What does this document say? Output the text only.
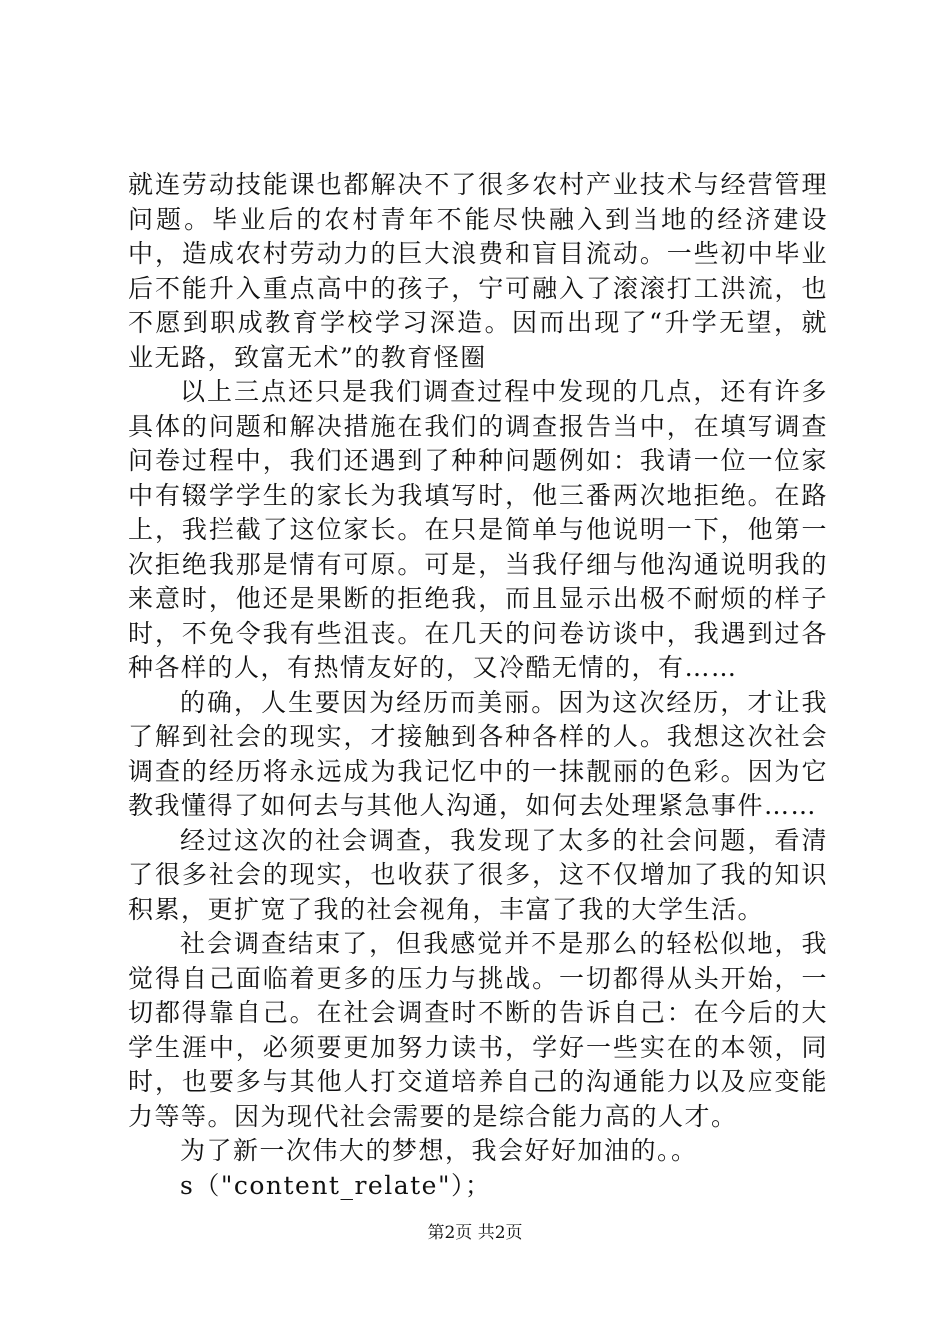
就连劳动技能课也都解决不了很多农村产业技术与经营管理问题。毕业后的农村青年不能尽快融入到当地的经济建设中，造成农村劳动力的巨大浪费和盲目流动。一些初中毕业后不能升入重点高中的孩子，宁可融入了滚滚打工洪流，也不愿到职成教育学校学习深造。因而出现了“升学无望，就业无路，致富无术”的教育怪圈

以上三点还只是我们调查过程中发现的几点，还有许多具体的问题和解决措施在我们的调查报告当中，在填写调查问卷过程中，我们还遇到了种种问题例如：我请一位一位家中有辍学学生的家长为我填写时，他三番两次地拒绝。在路上，我拦截了这位家长。在只是简单与他说明一下，他第一次拒绝我那是情有可原。可是，当我仔细与他沟通说明我的来意时，他还是果断的拒绝我，而且显示出极不耐烦的样子时，不免令我有些沮丧。在几天的问卷访谈中，我遇到过各种各样的人，有热情友好的，又冷酷无情的，有……

的确，人生要因为经历而美丽。因为这次经历，才让我了解到社会的现实，才接触到各种各样的人。我想这次社会调查的经历将永远成为我记忆中的一抹靓丽的色彩。因为它教我懂得了如何去与其他人沟通，如何去处理紧急事件……

经过这次的社会调查，我发现了太多的社会问题，看清了很多社会的现实，也收获了很多，这不仅增加了我的知识积累，更扩宽了我的社会视角，丰富了我的大学生活。

社会调查结束了，但我感觉并不是那么的轻松似地，我觉得自己面临着更多的压力与挑战。一切都得从头开始，一切都得靠自己。在社会调查时不断的告诉自己：在今后的大学生涯中，必须要更加努力读书，学好一些实在的本领，同时，也要多与其他人打交道培养自己的沟通能力以及应变能力等等。因为现代社会需要的是综合能力高的人才。

为了新一次伟大的梦想，我会好好加油的。。

s（"content_relate"）；

第2页 共2页
